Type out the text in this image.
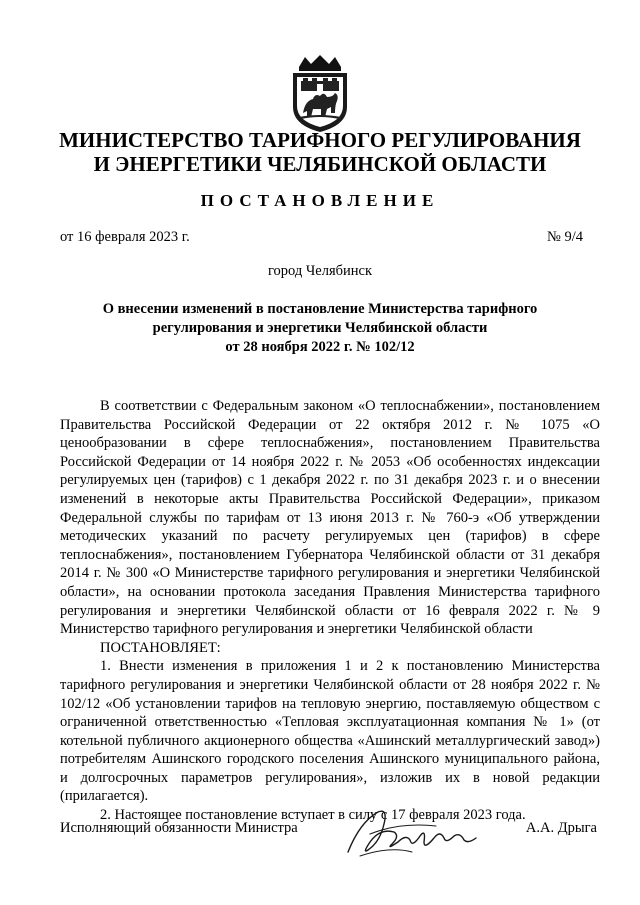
МИНИСТЕРСТВО ТАРИФНОГО РЕГУЛИРОВАНИЯ
И ЭНЕРГЕТИКИ ЧЕЛЯБИНСКОЙ ОБЛАСТИ
ПОСТАНОВЛЕНИЕ
от 16 февраля 2023 г.	№ 9/4
город Челябинск
О внесении изменений в постановление Министерства тарифного
регулирования и энергетики Челябинской области
от 28 ноября 2022 г. № 102/12

В соответствии с Федеральным законом «О теплоснабжении», постановлением Правительства Российской Федерации от 22 октября 2012 г. № 1075 «О ценообразовании в сфере теплоснабжения», постановлением Правительства Российской Федерации от 14 ноября 2022 г. № 2053 «Об особенностях индексации регулируемых цен (тарифов) с 1 декабря 2022 г. по 31 декабря 2023 г. и о внесении изменений в некоторые акты Правительства Российской Федерации», приказом Федеральной службы по тарифам от 13 июня 2013 г. № 760-э «Об утверждении методических указаний по расчету регулируемых цен (тарифов) в сфере теплоснабжения», постановлением Губернатора Челябинской области от 31 декабря 2014 г. № 300 «О Министерстве тарифного регулирования и энергетики Челябинской области», на основании протокола заседания Правления Министерства тарифного регулирования и энергетики Челябинской области от 16 февраля 2022 г. № 9 Министерство тарифного регулирования и энергетики Челябинской области

ПОСТАНОВЛЯЕТ:

1. Внести изменения в приложения 1 и 2 к постановлению Министерства тарифного регулирования и энергетики Челябинской области от 28 ноября 2022 г. № 102/12 «Об установлении тарифов на тепловую энергию, поставляемую обществом с ограниченной ответственностью «Тепловая эксплуатационная компания № 1» (от котельной публичного акционерного общества «Ашинский металлургический завод») потребителям Ашинского городского поселения Ашинского муниципального района, и долгосрочных параметров регулирования», изложив их в новой редакции (прилагается).

2. Настоящее постановление вступает в силу с 17 февраля 2023 года.

Исполняющий обязанности Министра	А.А. Дрыга
